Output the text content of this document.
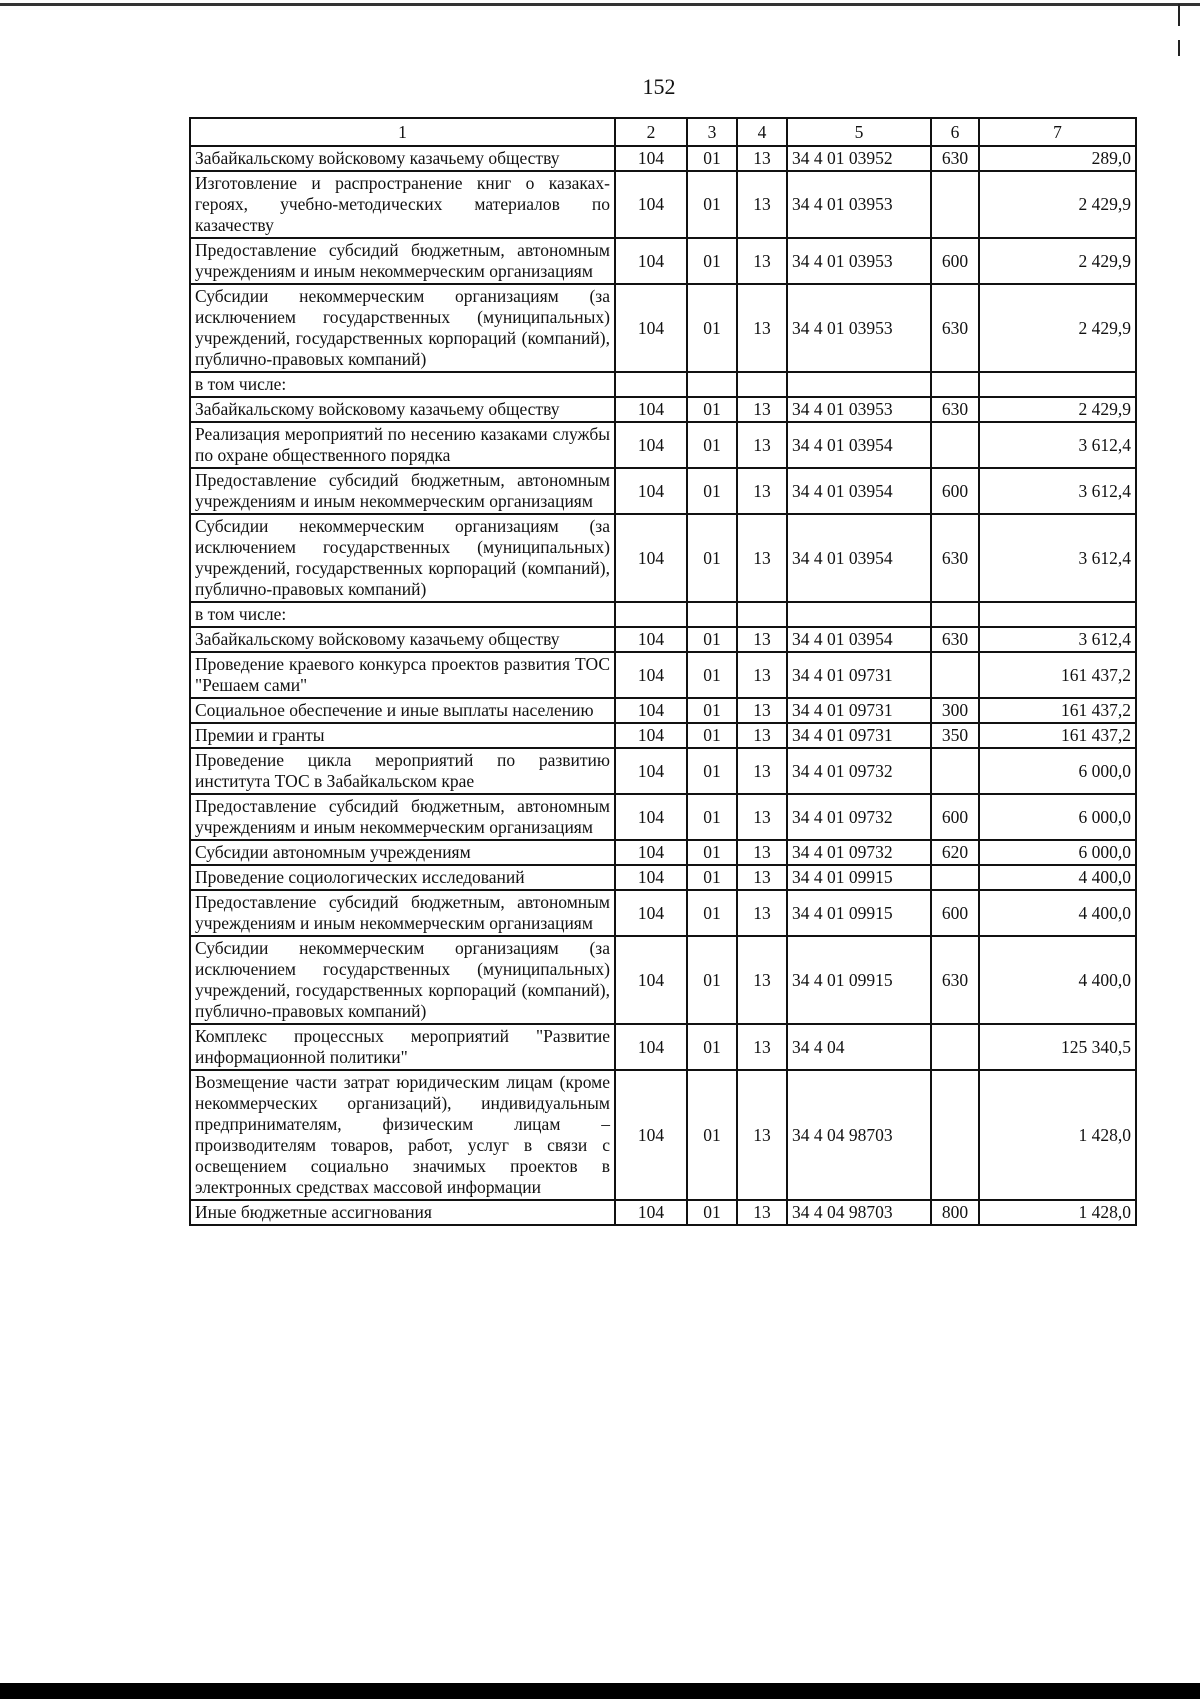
152
1	2	3	4	5	6	7
Забайкальскому войсковому казачьему обществу	104	01	13	34 4 01 03952	630	289,0
Изготовление и распространение книг о казаках-героях, учебно-методических материалов по казачеству	104	01	13	34 4 01 03953		2 429,9
Предоставление субсидий бюджетным, автономным учреждениям и иным некоммерческим организациям	104	01	13	34 4 01 03953	600	2 429,9
Субсидии некоммерческим организациям (за исключением государственных (муниципальных) учреждений, государственных корпораций (компаний), публично-правовых компаний)	104	01	13	34 4 01 03953	630	2 429,9
в том числе:						
Забайкальскому войсковому казачьему обществу	104	01	13	34 4 01 03953	630	2 429,9
Реализация мероприятий по несению казаками службы по охране общественного порядка	104	01	13	34 4 01 03954		3 612,4
Предоставление субсидий бюджетным, автономным учреждениям и иным некоммерческим организациям	104	01	13	34 4 01 03954	600	3 612,4
Субсидии некоммерческим организациям (за исключением государственных (муниципальных) учреждений, государственных корпораций (компаний), публично-правовых компаний)	104	01	13	34 4 01 03954	630	3 612,4
в том числе:						
Забайкальскому войсковому казачьему обществу	104	01	13	34 4 01 03954	630	3 612,4
Проведение краевого конкурса проектов развития ТОС "Решаем сами"	104	01	13	34 4 01 09731		161 437,2
Социальное обеспечение и иные выплаты населению	104	01	13	34 4 01 09731	300	161 437,2
Премии и гранты	104	01	13	34 4 01 09731	350	161 437,2
Проведение цикла мероприятий по развитию института ТОС в Забайкальском крае	104	01	13	34 4 01 09732		6 000,0
Предоставление субсидий бюджетным, автономным учреждениям и иным некоммерческим организациям	104	01	13	34 4 01 09732	600	6 000,0
Субсидии автономным учреждениям	104	01	13	34 4 01 09732	620	6 000,0
Проведение социологических исследований	104	01	13	34 4 01 09915		4 400,0
Предоставление субсидий бюджетным, автономным учреждениям и иным некоммерческим организациям	104	01	13	34 4 01 09915	600	4 400,0
Субсидии некоммерческим организациям (за исключением государственных (муниципальных) учреждений, государственных корпораций (компаний), публично-правовых компаний)	104	01	13	34 4 01 09915	630	4 400,0
Комплекс процессных мероприятий "Развитие информационной политики"	104	01	13	34 4 04		125 340,5
Возмещение части затрат юридическим лицам (кроме некоммерческих организаций), индивидуальным предпринимателям, физическим лицам – производителям товаров, работ, услуг в связи с освещением социально значимых проектов в электронных средствах массовой информации	104	01	13	34 4 04 98703		1 428,0
Иные бюджетные ассигнования	104	01	13	34 4 04 98703	800	1 428,0
